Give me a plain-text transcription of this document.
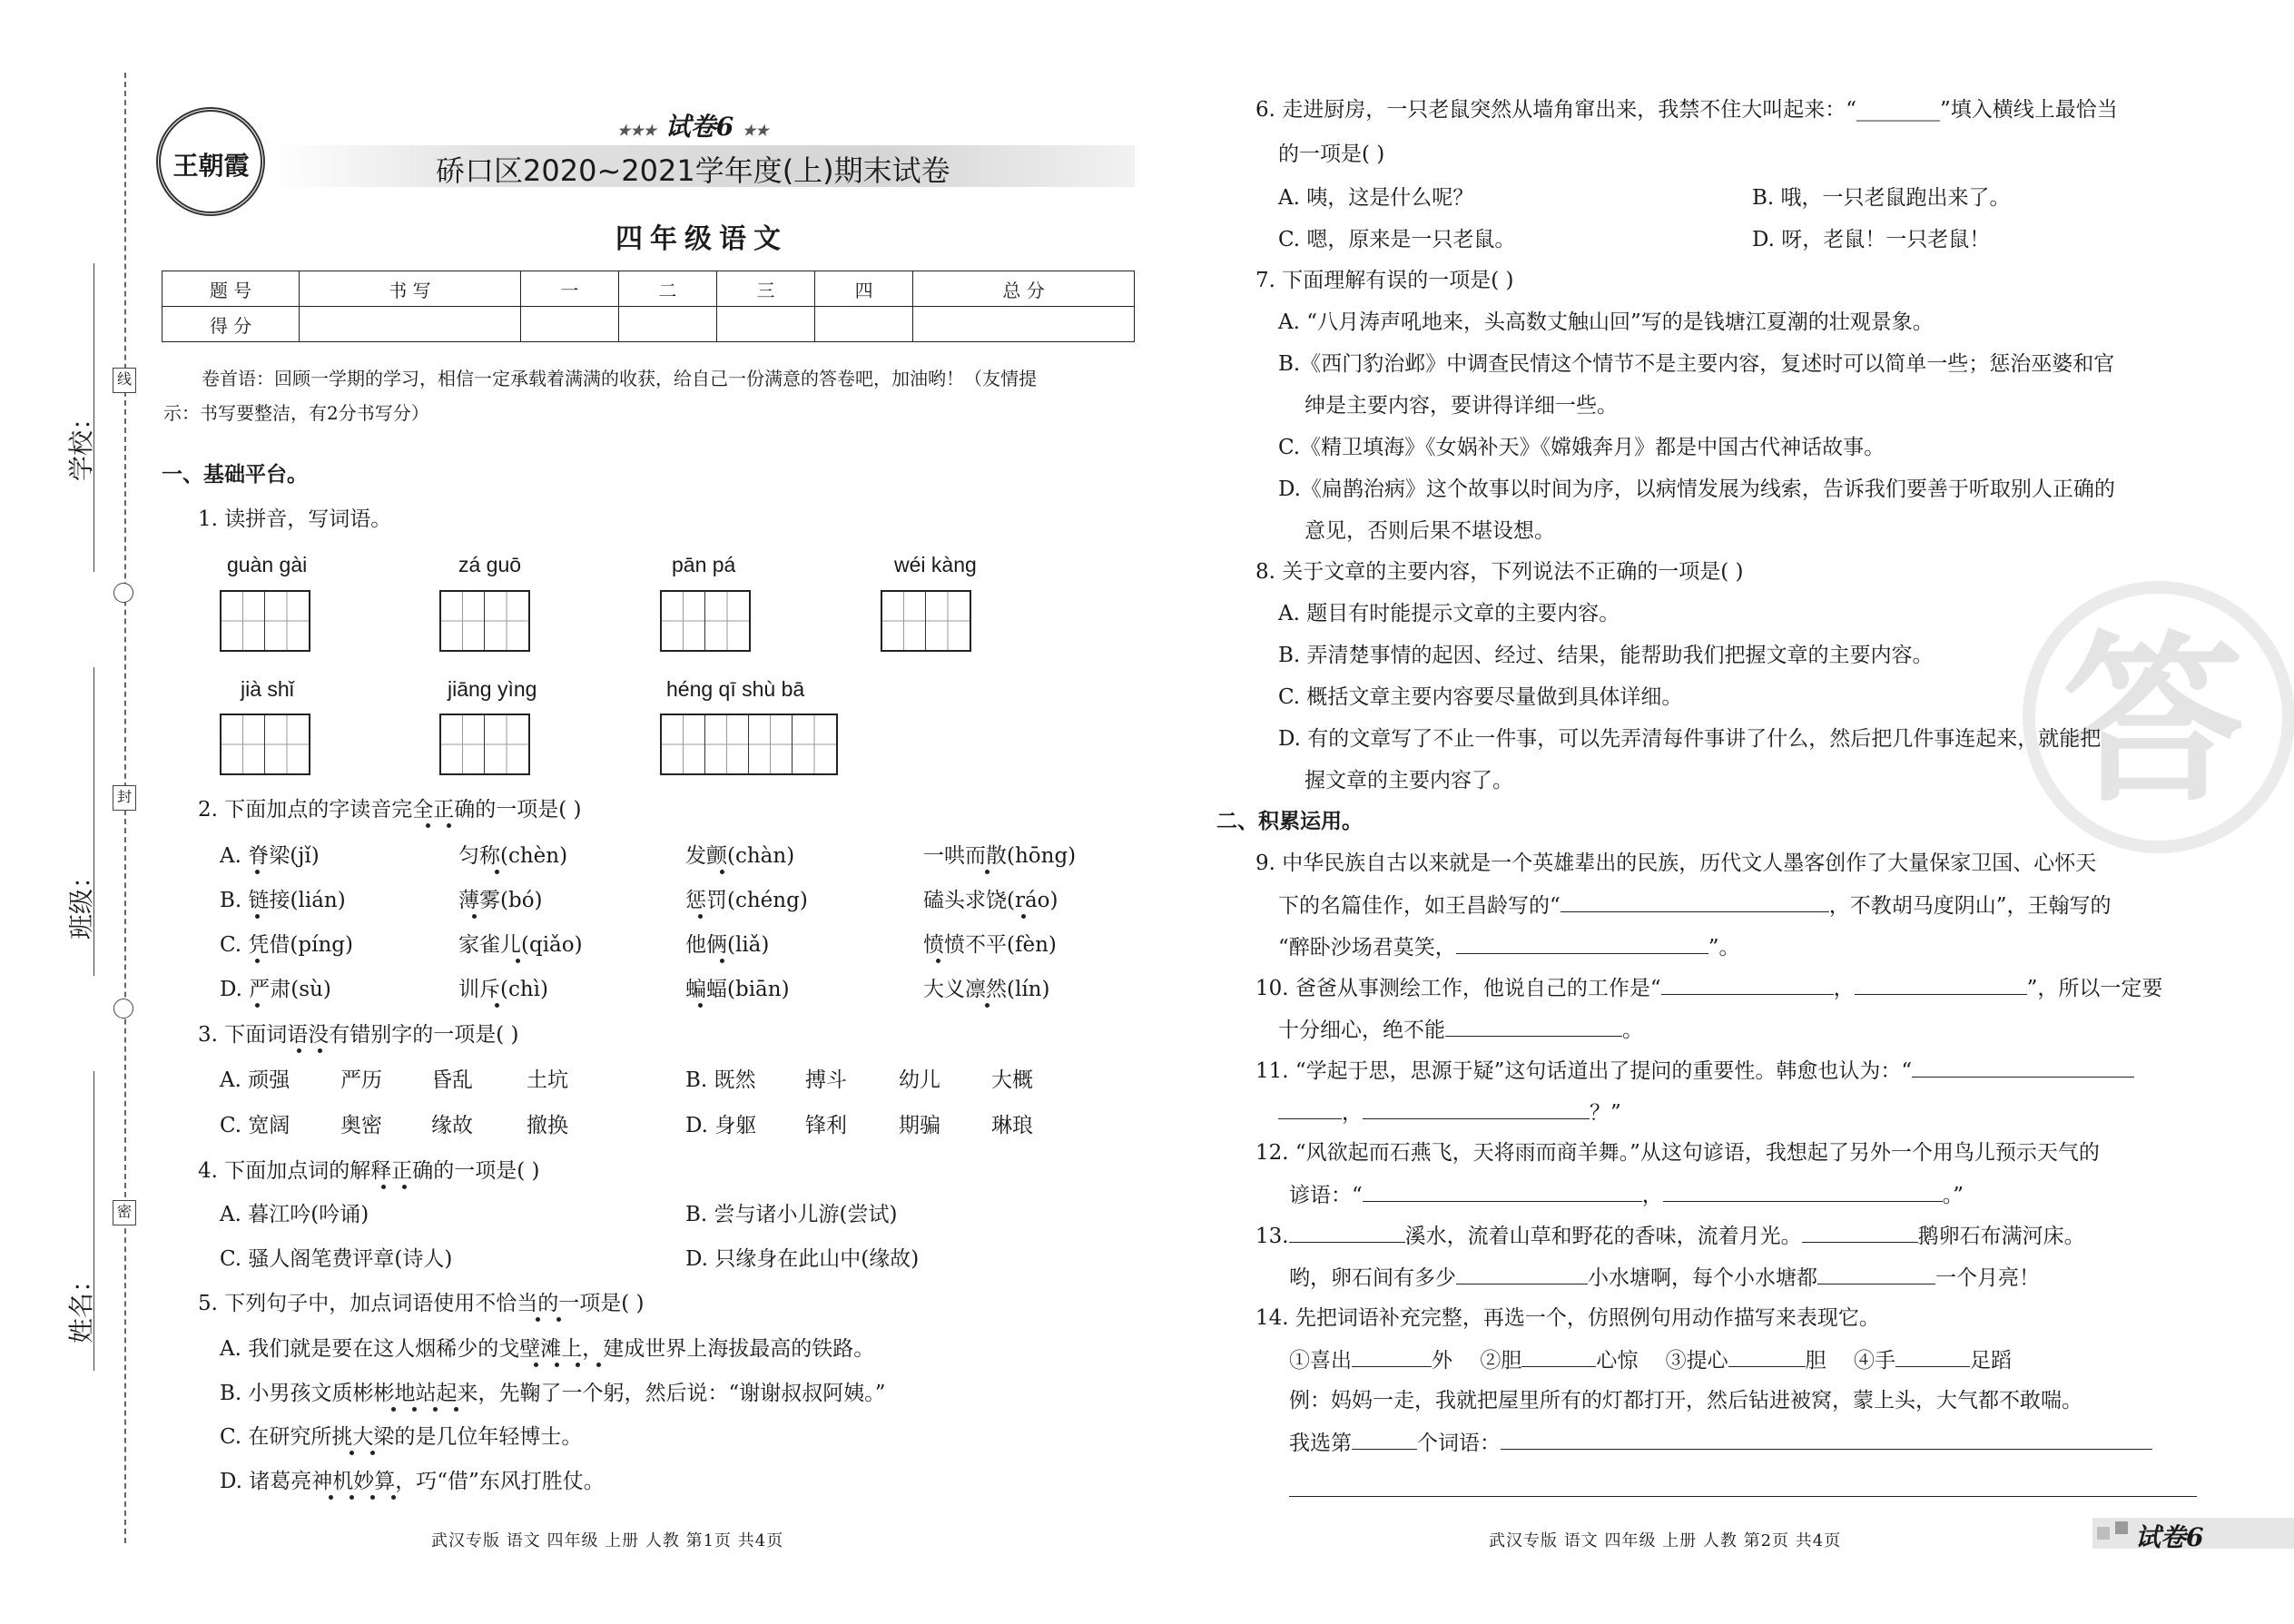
线
封
密
学校：
班级：
姓名：
王朝霞
★★★ 试卷6 ★★
硚口区2020~2021学年度(上)期末试卷
四年级语文
题 号	书 写	一	二	三	四	总 分
得 分						
卷首语：回顾一学期的学习，相信一定承载着满满的收获，给自己一份满意的答卷吧，加油哟！（友情提
示：书写要整洁，有2分书写分）
一、基础平台。
1. 读拼音，写词语。
guàn gài	zá guō	pān pá	wéi kàng
jià shǐ	jiāng yìng	héng qī shù bā
2. 下面加点的字读音完全正确的一项是( )
A. 脊梁(jǐ)	匀称(chèn)	发颤(chàn)	一哄而散(hōng)
B. 链接(lián)	薄雾(bó)	惩罚(chéng)	磕头求饶(ráo)
C. 凭借(píng)	家雀儿(qiǎo)	他俩(liǎ)	愤愤不平(fèn)
D. 严肃(sù)	训斥(chì)	蝙蝠(biān)	大义凛然(lín)
3. 下面词语没有错别字的一项是( )
A. 顽强 严历 昏乱	土坑	B. 既然 搏斗 幼儿 大概
C. 宽阔 奥密 缘故	撤换	D. 身躯 锋利 期骗 琳琅
4. 下面加点词的解释正确的一项是( )
A. 暮江吟(吟诵)	B. 尝与诸小儿游(尝试)
C. 骚人阁笔费评章(诗人)	D. 只缘身在此山中(缘故)
5. 下列句子中，加点词语使用不恰当的一项是( )
A. 我们就是要在这人烟稀少的戈壁滩上，建成世界上海拔最高的铁路。
B. 小男孩文质彬彬地站起来，先鞠了一个躬，然后说：“谢谢叔叔阿姨。”
C. 在研究所挑大梁的是几位年轻博士。
D. 诸葛亮神机妙算，巧“借”东风打胜仗。
武汉专版 语文 四年级 上册 人教 第1页 共4页
答
6. 走进厨房，一只老鼠突然从墙角窜出来，我禁不住大叫起来：“________”填入横线上最恰当
的一项是( )
A. 咦，这是什么呢？	B. 哦，一只老鼠跑出来了。
C. 嗯，原来是一只老鼠。	D. 呀，老鼠！一只老鼠！
7. 下面理解有误的一项是( )
A. “八月涛声吼地来，头高数丈触山回”写的是钱塘江夏潮的壮观景象。
B.《西门豹治邺》中调查民情这个情节不是主要内容，复述时可以简单一些；惩治巫婆和官
绅是主要内容，要讲得详细一些。
C.《精卫填海》《女娲补天》《嫦娥奔月》都是中国古代神话故事。
D.《扁鹊治病》这个故事以时间为序，以病情发展为线索，告诉我们要善于听取别人正确的
意见，否则后果不堪设想。
8. 关于文章的主要内容，下列说法不正确的一项是( )
A. 题目有时能提示文章的主要内容。
B. 弄清楚事情的起因、经过、结果，能帮助我们把握文章的主要内容。
C. 概括文章主要内容要尽量做到具体详细。
D. 有的文章写了不止一件事，可以先弄清每件事讲了什么，然后把几件事连起来，就能把
握文章的主要内容了。
二、积累运用。
9. 中华民族自古以来就是一个英雄辈出的民族，历代文人墨客创作了大量保家卫国、心怀天
下的名篇佳作，如王昌龄写的“	，不教胡马度阴山”，王翰写的
“醉卧沙场君莫笑，	”。
10. 爸爸从事测绘工作，他说自己的工作是“	，	”，所以一定要
十分细心，绝不能	。
11. “学起于思，思源于疑”这句话道出了提问的重要性。韩愈也认为：“
，	？”
12. “风欲起而石燕飞，天将雨而商羊舞。”从这句谚语，我想起了另外一个用鸟儿预示天气的
谚语：“	，	。”
13.	溪水，流着山草和野花的香味，流着月光。	鹅卵石布满河床。
哟，卵石间有多少	小水塘啊，每个小水塘都	一个月亮！
14. 先把词语补充完整，再选一个，仿照例句用动作描写来表现它。
①喜出	外　 ②胆	心惊　 ③提心	胆　 ④手	足蹈
例：妈妈一走，我就把屋里所有的灯都打开，然后钻进被窝，蒙上头，大气都不敢喘。
我选第	个词语：
武汉专版 语文 四年级 上册 人教 第2页 共4页	试卷6
